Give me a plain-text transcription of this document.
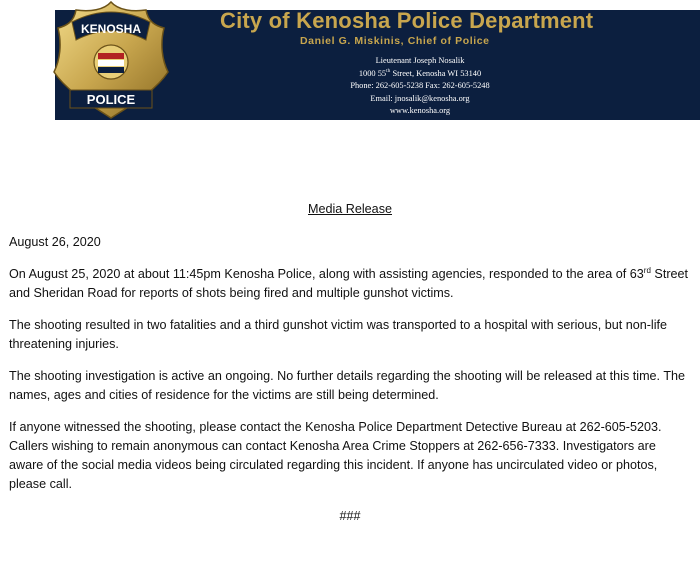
KENOSHA
POLICE
City of Kenosha Police Department
Daniel G. Miskinis, Chief of Police
Lieutenant Joseph Nosalik
1000 55th Street, Kenosha WI 53140
Phone: 262-605-5238 Fax: 262-605-5248
Email: jnosalik@kenosha.org
www.kenosha.org
Media Release

August 26, 2020

On August 25, 2020 at about 11:45pm Kenosha Police, along with assisting agencies, responded to the area of 63rd Street and Sheridan Road for reports of shots being fired and multiple gunshot victims.

The shooting resulted in two fatalities and a third gunshot victim was transported to a hospital with serious, but non-life threatening injuries.

The shooting investigation is active an ongoing. No further details regarding the shooting will be released at this time. The names, ages and cities of residence for the victims are still being determined.

If anyone witnessed the shooting, please contact the Kenosha Police Department Detective Bureau at 262-605-5203. Callers wishing to remain anonymous can contact Kenosha Area Crime Stoppers at 262-656-7333. Investigators are aware of the social media videos being circulated regarding this incident. If anyone has uncirculated video or photos, please call.

###
